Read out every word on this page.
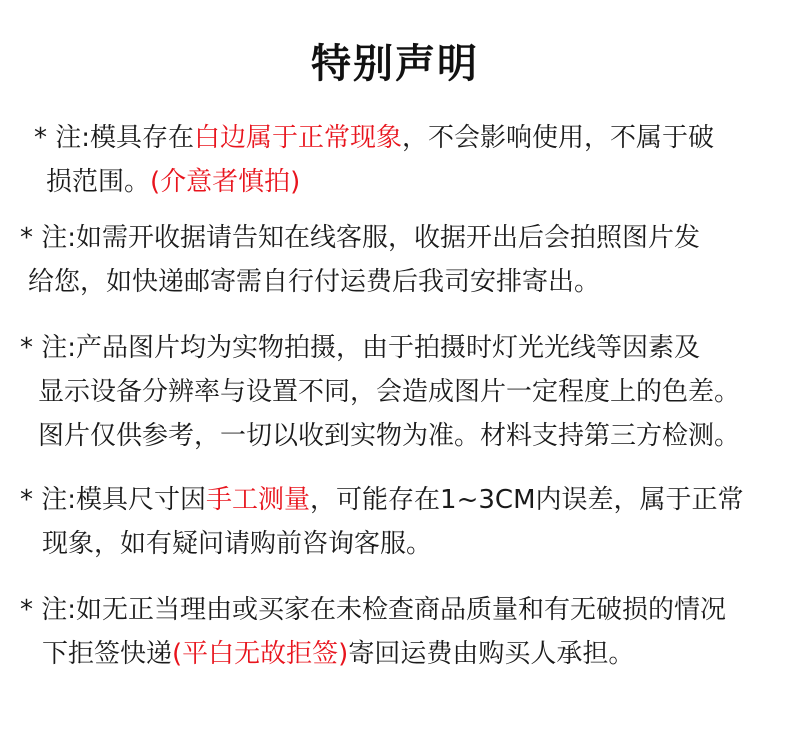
特别声明
* 注:模具存在白边属于正常现象，不会影响使用，不属于破
损范围。(介意者慎拍)
* 注:如需开收据请告知在线客服，收据开出后会拍照图片发
给您，如快递邮寄需自行付运费后我司安排寄出。
* 注:产品图片均为实物拍摄，由于拍摄时灯光光线等因素及
显示设备分辨率与设置不同，会造成图片一定程度上的色差。
图片仅供参考，一切以收到实物为准。材料支持第三方检测。
* 注:模具尺寸因手工测量，可能存在1~3CM内误差，属于正常
现象，如有疑问请购前咨询客服。
* 注:如无正当理由或买家在未检查商品质量和有无破损的情况
下拒签快递(平白无故拒签)寄回运费由购买人承担。
